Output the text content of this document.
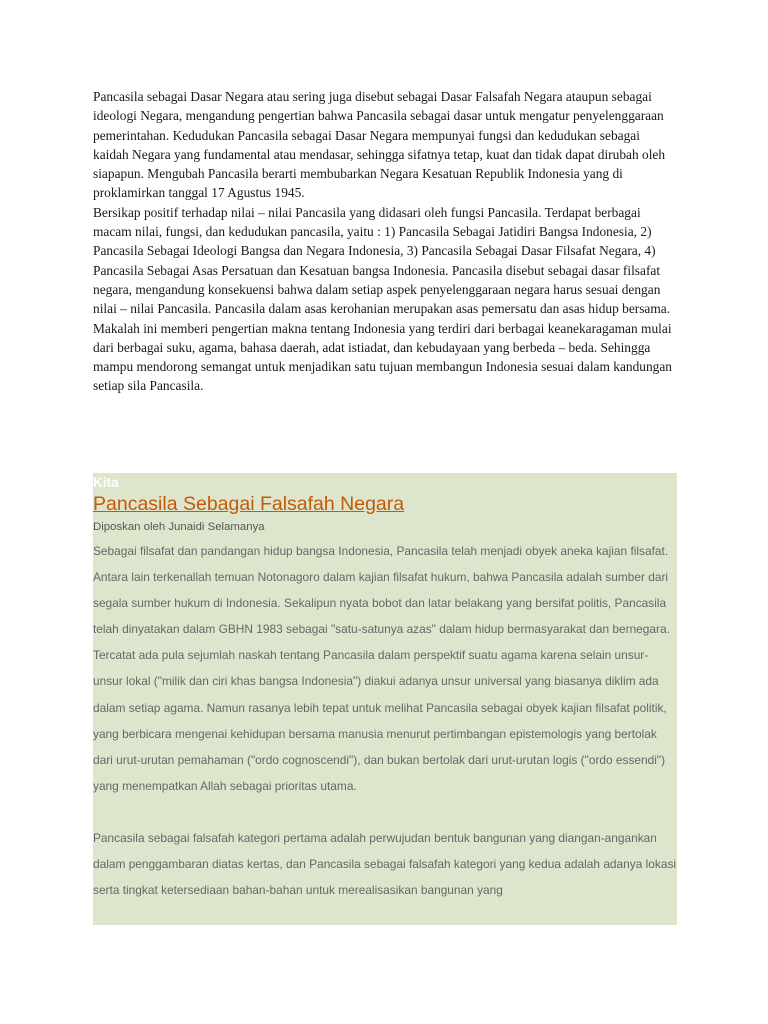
Pancasila sebagai Dasar Negara atau sering juga disebut sebagai Dasar Falsafah Negara ataupun sebagai ideologi Negara, mengandung pengertian bahwa Pancasila sebagai dasar untuk mengatur penyelenggaraan pemerintahan. Kedudukan Pancasila sebagai Dasar Negara mempunyai fungsi dan kedudukan sebagai kaidah Negara yang fundamental atau mendasar, sehingga sifatnya tetap, kuat dan tidak dapat dirubah oleh siapapun. Mengubah Pancasila berarti membubarkan Negara Kesatuan Republik Indonesia yang di proklamirkan tanggal 17 Agustus 1945.

Bersikap positif terhadap nilai – nilai Pancasila yang didasari oleh fungsi Pancasila. Terdapat berbagai macam nilai, fungsi, dan kedudukan pancasila, yaitu : 1) Pancasila Sebagai Jatidiri Bangsa Indonesia, 2) Pancasila Sebagai Ideologi Bangsa dan Negara Indonesia, 3) Pancasila Sebagai Dasar Filsafat Negara, 4) Pancasila Sebagai Asas Persatuan dan Kesatuan bangsa Indonesia. Pancasila disebut sebagai dasar filsafat negara, mengandung konsekuensi bahwa dalam setiap aspek penyelenggaraan negara harus sesuai dengan nilai – nilai Pancasila. Pancasila dalam asas kerohanian merupakan asas pemersatu dan asas hidup bersama. Makalah ini memberi pengertian makna tentang Indonesia yang terdiri dari berbagai keanekaragaman mulai dari berbagai suku, agama, bahasa daerah, adat istiadat, dan kebudayaan yang berbeda – beda. Sehingga mampu mendorong semangat untuk menjadikan satu tujuan membangun Indonesia sesuai dalam kandungan setiap sila Pancasila.

Kita
Pancasila Sebagai Falsafah Negara
Diposkan oleh Junaidi Selamanya

Sebagai filsafat dan pandangan hidup bangsa Indonesia, Pancasila telah menjadi obyek aneka kajian filsafat. Antara lain terkenallah temuan Notonagoro dalam kajian filsafat hukum, bahwa Pancasila adalah sumber dari segala sumber hukum di Indonesia. Sekalipun nyata bobot dan latar belakang yang bersifat politis, Pancasila telah dinyatakan dalam GBHN 1983 sebagai "satu-satunya azas" dalam hidup bermasyarakat dan bernegara. Tercatat ada pula sejumlah naskah tentang Pancasila dalam perspektif suatu agama karena selain unsur-unsur lokal ("milik dan ciri khas bangsa Indonesia") diakui adanya unsur universal yang biasanya diklim ada dalam setiap agama. Namun rasanya lebih tepat untuk melihat Pancasila sebagai obyek kajian filsafat politik, yang berbicara mengenai kehidupan bersama manusia menurut pertimbangan epistemologis yang bertolak dari urut-urutan pemahaman ("ordo cognoscendi"), dan bukan bertolak dari urut-urutan logis ("ordo essendi") yang menempatkan Allah sebagai prioritas utama.

Pancasila sebagai falsafah kategori pertama adalah perwujudan bentuk bangunan yang diangan-angankan dalam penggambaran diatas kertas, dan Pancasila sebagai falsafah kategori yang kedua adalah adanya lokasi serta tingkat ketersediaan bahan-bahan untuk merealisasikan bangunan yang
